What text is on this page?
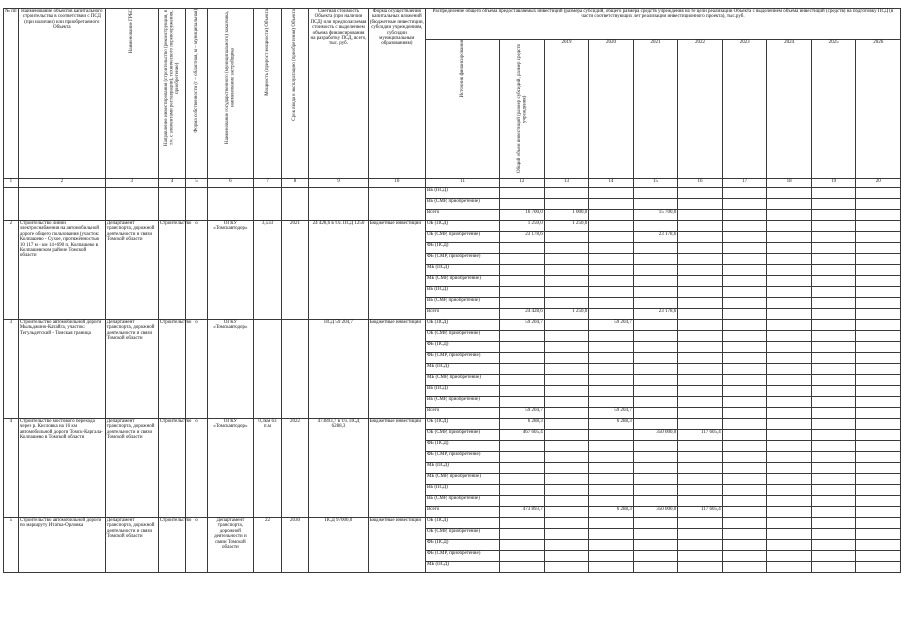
№ пп	Наименование объектов капитального строительства в соответствии с ПСД (при наличии) или приобретаемого Объекта	Наименование ГРБС	Направление инвестирования (строительство (реконструкция, в т.ч. с элементами реставрации), технического перевооружения, приобретение)	Форма собственности (г – областная, м – муниципальная)	Наименование государственного (муниципального) заказчика, наименование застройщика	Мощность (прирост мощности) Объекта	Срок ввода в эксплуатацию (приобретения) Объекта	Сметная стоимость Объекта (при наличии ПСД) или предполагаемая стоимость с выделением объема финансирования на разработку ПСД, всего, тыс. руб.	Форма осуществления капитальных вложений (бюджетные инвестиции, субсидии учреждениям, субсидии муниципальным образованиям)	Распределение общего объема предоставляемых инвестиций (размера субсидий, общего размера средств учреждения на те цели реализации Объекта с выделением объема инвестиций (средств) на подготовку ПСД (в части соответствующих лет реализации инвестиционного проекта), тыс.руб.									

										Источник финансирования	Общий объем инвестиций (размер субсидий, размер средств учреждения)	2019	2020	2021	2022	2023	2024	2025	2026
1	2	3	4	5	6	7	8	9	10	11	12	13	14	15	16	17	18	19	20
										ВБ (ПСД)									
										ВБ (СМР, приобретение)									
										Всего	16 700,0	1 000,0		15 700,0					
2	Строительство линии электроснабжения на автомобильной дороге общего пользования (участок: Колпашево - Сухое, протяжённостью 10 117 м - км 14+690 п. Колпашево в Колпашевском районе Томской области	Департамент транспорта, дорожной деятельности и связи Томской области	Строительство	о	ОГКУ «Томскавтодор»	3,533	2021	24 428,6 в т.ч. ПСД 1250	Бюджетные инвестиции	ОБ (ПСД)	1 250,0	1 250,0							
										ОБ (СМР, приобретение)	23 178,6			23 178,6					
										ФБ (ПСД)									
										ФБ (СМР, приобретение)									
										МБ (ПСД)									
										МБ (СМР, приобретение)									
										ВБ (ПСД)									
										ВБ (СМР, приобретение)									
										Всего	24 428,6	1 250,0		23 178,6					
3	Строительство автомобильной дороги Мыльджино-Катайга, участок: Тегульдетский - Томская граница	Департамент транспорта, дорожной деятельности и связи Томской области	Строительство	о	ОГКУ «Томскавтодор»			ПСД 59 204,7	Бюджетные инвестиции	ОБ (ПСД)	59 204,7		59 204,7						
										ОБ (СМР, приобретение)									
										ФБ (ПСД)									
										ФБ (СМР, приобретение)									
										МБ (ПСД)									
										МБ (СМР, приобретение)									
										ВБ (ПСД)									
										ВБ (СМР, приобретение)									
										Всего	59 204,7		59 204,7						
4	Строительство мостового перехода через р. Кисловка на 16 км автомобильной дороги Томск-Каргала-Колпашево в Томской области	Департамент транспорта, дорожной деятельности и связи Томской области	Строительство	о	ОГКУ «Томскавтодор»	0,3км 63 п.м	2022	473893,7 в т.ч. ПСД 6288,3	Бюджетные инвестиции	ОБ (ПСД)	6 288,3		6 288,3						
										ОБ (СМР, приобретение)	467 605,4			350 000,0	117 605,4				
										ФБ (ПСД)									
										ФБ (СМР, приобретение)									
										МБ (ПСД)									
										МБ (СМР, приобретение)									
										ВБ (ПСД)									
										ВБ (СМР, приобретение)									
										Всего	473 893,7		6 288,3	350 000,0	117 605,4				
5	Строительство автомобильной дороги по маршруту Итатка-Орловка	Департамент транспорта, дорожной деятельности и связи Томской области	Строительство	о	Департамент транспорта, дорожной деятельности и связи Томской области	22	2030	ПСД 97000,0	Бюджетные инвестиции	ОБ (ПСД)									
										ОБ (СМР, приобретение)									
										ФБ (ПСД)									
										ФБ (СМР, приобретение)									
										МБ (ПСД)									
